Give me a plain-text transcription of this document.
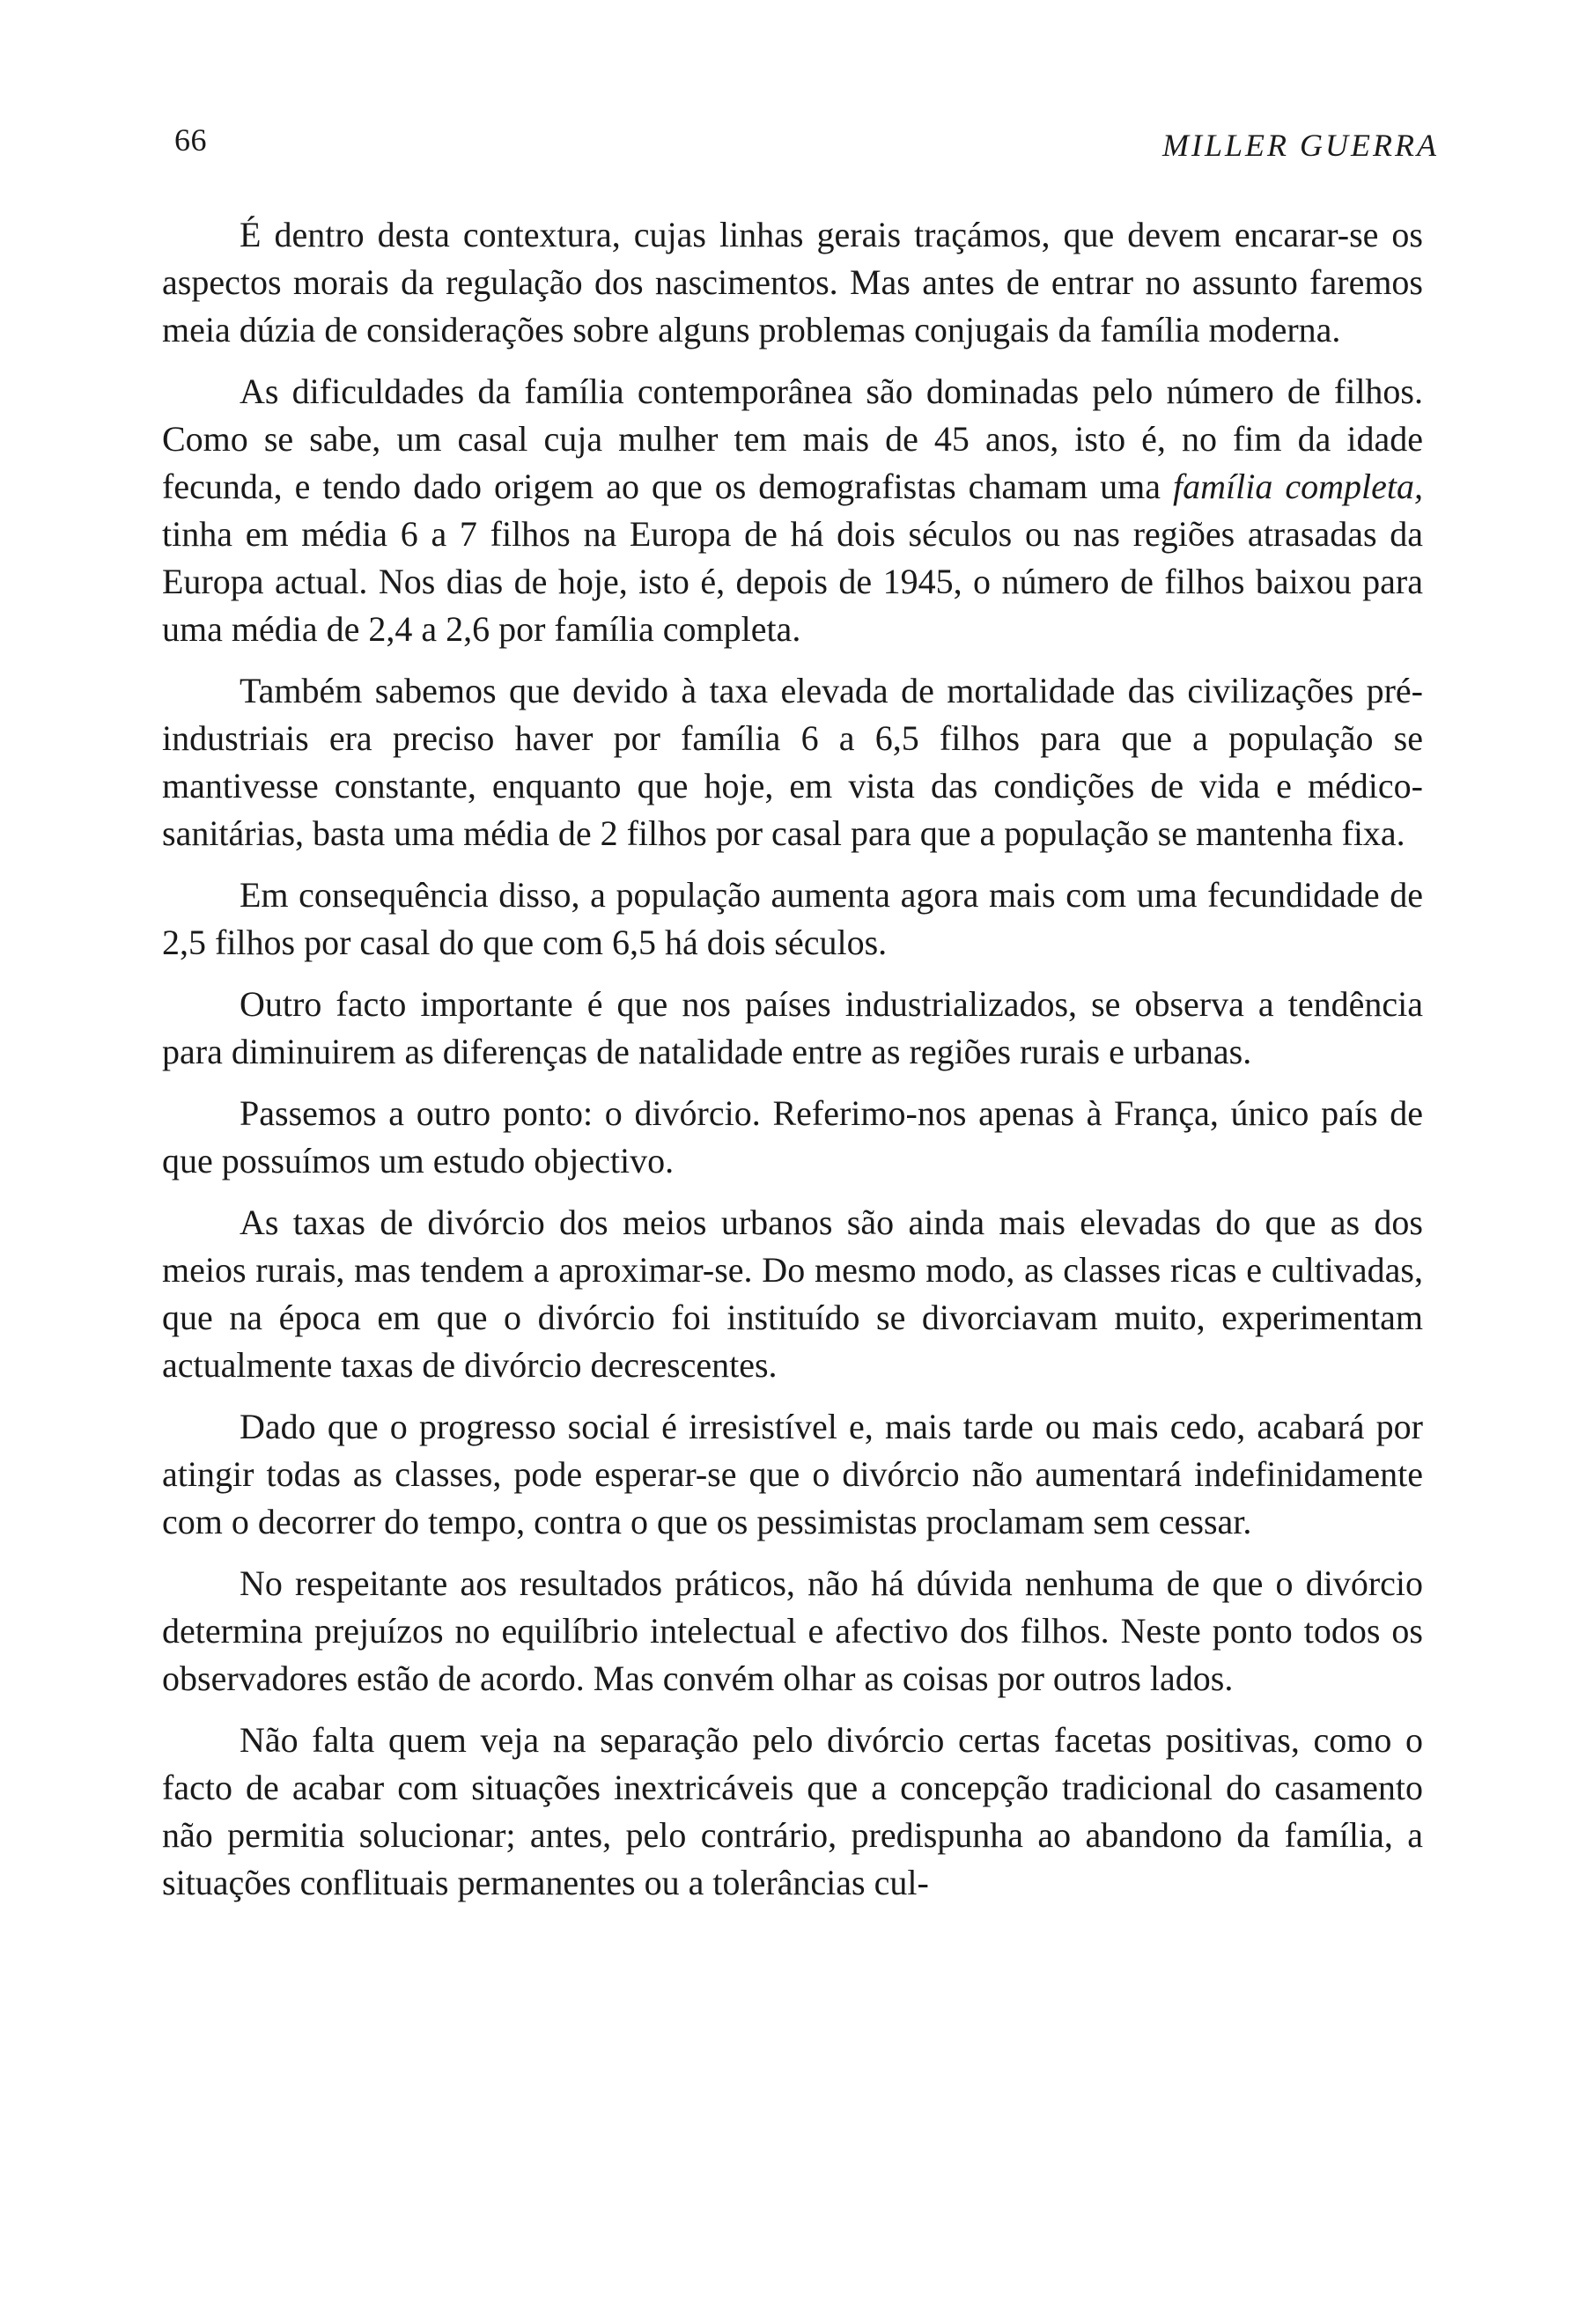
66	MILLER GUERRA

É dentro desta contextura, cujas linhas gerais traçámos, que devem encarar-se os aspectos morais da regulação dos nascimentos. Mas antes de entrar no assunto faremos meia dúzia de considerações sobre alguns problemas conjugais da família moderna.

As dificuldades da família contemporânea são dominadas pelo número de filhos. Como se sabe, um casal cuja mulher tem mais de 45 anos, isto é, no fim da idade fecunda, e tendo dado origem ao que os demografistas chamam uma família completa, tinha em média 6 a 7 filhos na Europa de há dois séculos ou nas regiões atrasadas da Europa actual. Nos dias de hoje, isto é, depois de 1945, o número de filhos baixou para uma média de 2,4 a 2,6 por família completa.

Também sabemos que devido à taxa elevada de mortalidade das civilizações pré-industriais era preciso haver por família 6 a 6,5 filhos para que a população se mantivesse constante, enquanto que hoje, em vista das condições de vida e médico-sanitárias, basta uma média de 2 filhos por casal para que a população se mantenha fixa.

Em consequência disso, a população aumenta agora mais com uma fecundidade de 2,5 filhos por casal do que com 6,5 há dois séculos.

Outro facto importante é que nos países industrializados, se observa a tendência para diminuirem as diferenças de natalidade entre as regiões rurais e urbanas.

Passemos a outro ponto: o divórcio. Referimo-nos apenas à França, único país de que possuímos um estudo objectivo.

As taxas de divórcio dos meios urbanos são ainda mais elevadas do que as dos meios rurais, mas tendem a aproximar-se. Do mesmo modo, as classes ricas e cultivadas, que na época em que o divórcio foi instituído se divorciavam muito, experimentam actualmente taxas de divórcio decrescentes.

Dado que o progresso social é irresistível e, mais tarde ou mais cedo, acabará por atingir todas as classes, pode esperar-se que o divórcio não aumentará indefinidamente com o decorrer do tempo, contra o que os pessimistas proclamam sem cessar.

No respeitante aos resultados práticos, não há dúvida nenhuma de que o divórcio determina prejuízos no equilíbrio intelectual e afectivo dos filhos. Neste ponto todos os observadores estão de acordo. Mas convém olhar as coisas por outros lados.

Não falta quem veja na separação pelo divórcio certas facetas positivas, como o facto de acabar com situações inextricáveis que a concepção tradicional do casamento não permitia solucionar; antes, pelo contrário, predispunha ao abandono da família, a situações conflituais permanentes ou a tolerâncias cul-
